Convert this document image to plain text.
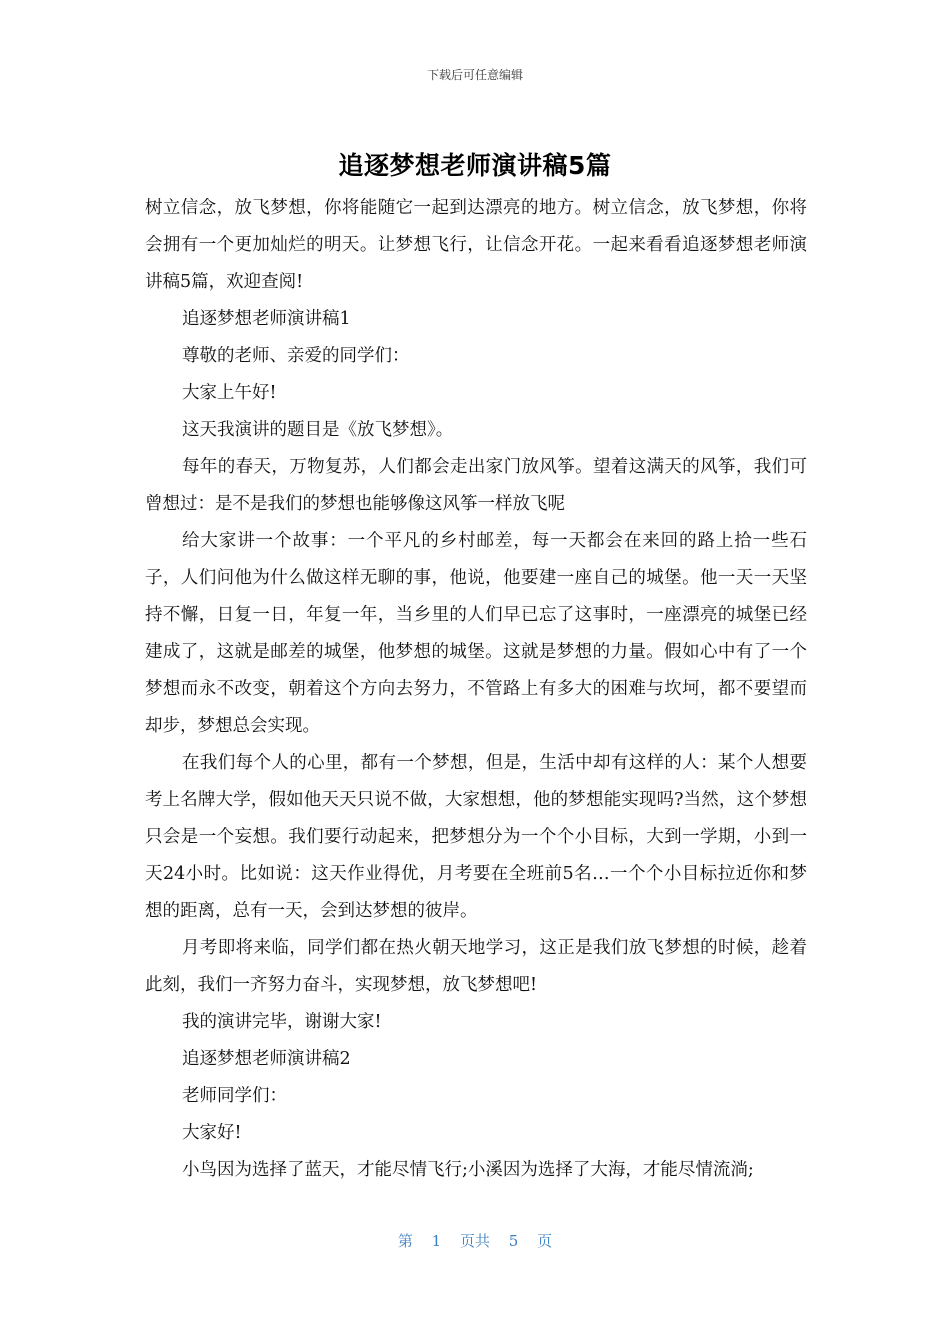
下载后可任意编辑
追逐梦想老师演讲稿5篇

树立信念，放飞梦想，你将能随它一起到达漂亮的地方。树立信念，放飞梦想，你将会拥有一个更加灿烂的明天。让梦想飞行，让信念开花。一起来看看追逐梦想老师演讲稿5篇，欢迎查阅!

追逐梦想老师演讲稿1

尊敬的老师、亲爱的同学们：

大家上午好!

这天我演讲的题目是《放飞梦想》。

每年的春天，万物复苏，人们都会走出家门放风筝。望着这满天的风筝，我们可曾想过：是不是我们的梦想也能够像这风筝一样放飞呢

给大家讲一个故事：一个平凡的乡村邮差，每一天都会在来回的路上拾一些石子，人们问他为什么做这样无聊的事，他说，他要建一座自己的城堡。他一天一天坚持不懈，日复一日，年复一年，当乡里的人们早已忘了这事时，一座漂亮的城堡已经建成了，这就是邮差的城堡，他梦想的城堡。这就是梦想的力量。假如心中有了一个梦想而永不改变，朝着这个方向去努力，不管路上有多大的困难与坎坷，都不要望而却步，梦想总会实现。

在我们每个人的心里，都有一个梦想，但是，生活中却有这样的人：某个人想要考上名牌大学，假如他天天只说不做，大家想想，他的梦想能实现吗?当然，这个梦想只会是一个妄想。我们要行动起来，把梦想分为一个个小目标，大到一学期，小到一天24小时。比如说：这天作业得优，月考要在全班前5名…一个个小目标拉近你和梦想的距离，总有一天，会到达梦想的彼岸。

月考即将来临，同学们都在热火朝天地学习，这正是我们放飞梦想的时候，趁着此刻，我们一齐努力奋斗，实现梦想，放飞梦想吧!

我的演讲完毕，谢谢大家!

追逐梦想老师演讲稿2

老师同学们：

大家好!

小鸟因为选择了蓝天，才能尽情飞行;小溪因为选择了大海，才能尽情流淌;

第 1 页共 5 页
